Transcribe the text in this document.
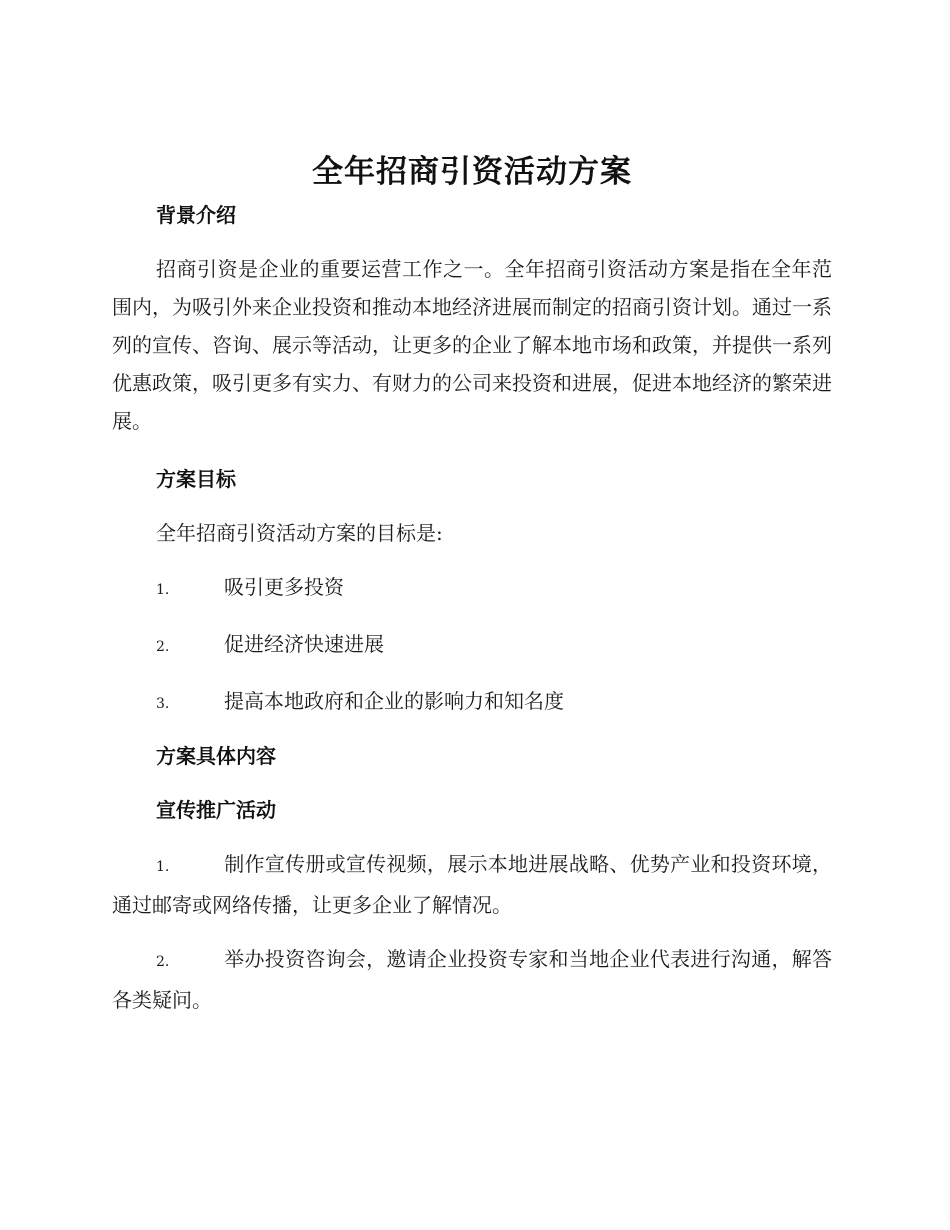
全年招商引资活动方案
背景介绍

招商引资是企业的重要运营工作之一。全年招商引资活动方案是指在全年范围内，为吸引外来企业投资和推动本地经济进展而制定的招商引资计划。通过一系列的宣传、咨询、展示等活动，让更多的企业了解本地市场和政策，并提供一系列优惠政策，吸引更多有实力、有财力的公司来投资和进展，促进本地经济的繁荣进展。

方案目标

全年招商引资活动方案的目标是:

1.	吸引更多投资

2.	促进经济快速进展

3.	提高本地政府和企业的影响力和知名度

方案具体内容
宣传推广活动

1.	制作宣传册或宣传视频，展示本地进展战略、优势产业和投资环境，通过邮寄或网络传播，让更多企业了解情况。

2.	举办投资咨询会，邀请企业投资专家和当地企业代表进行沟通，解答各类疑问。
